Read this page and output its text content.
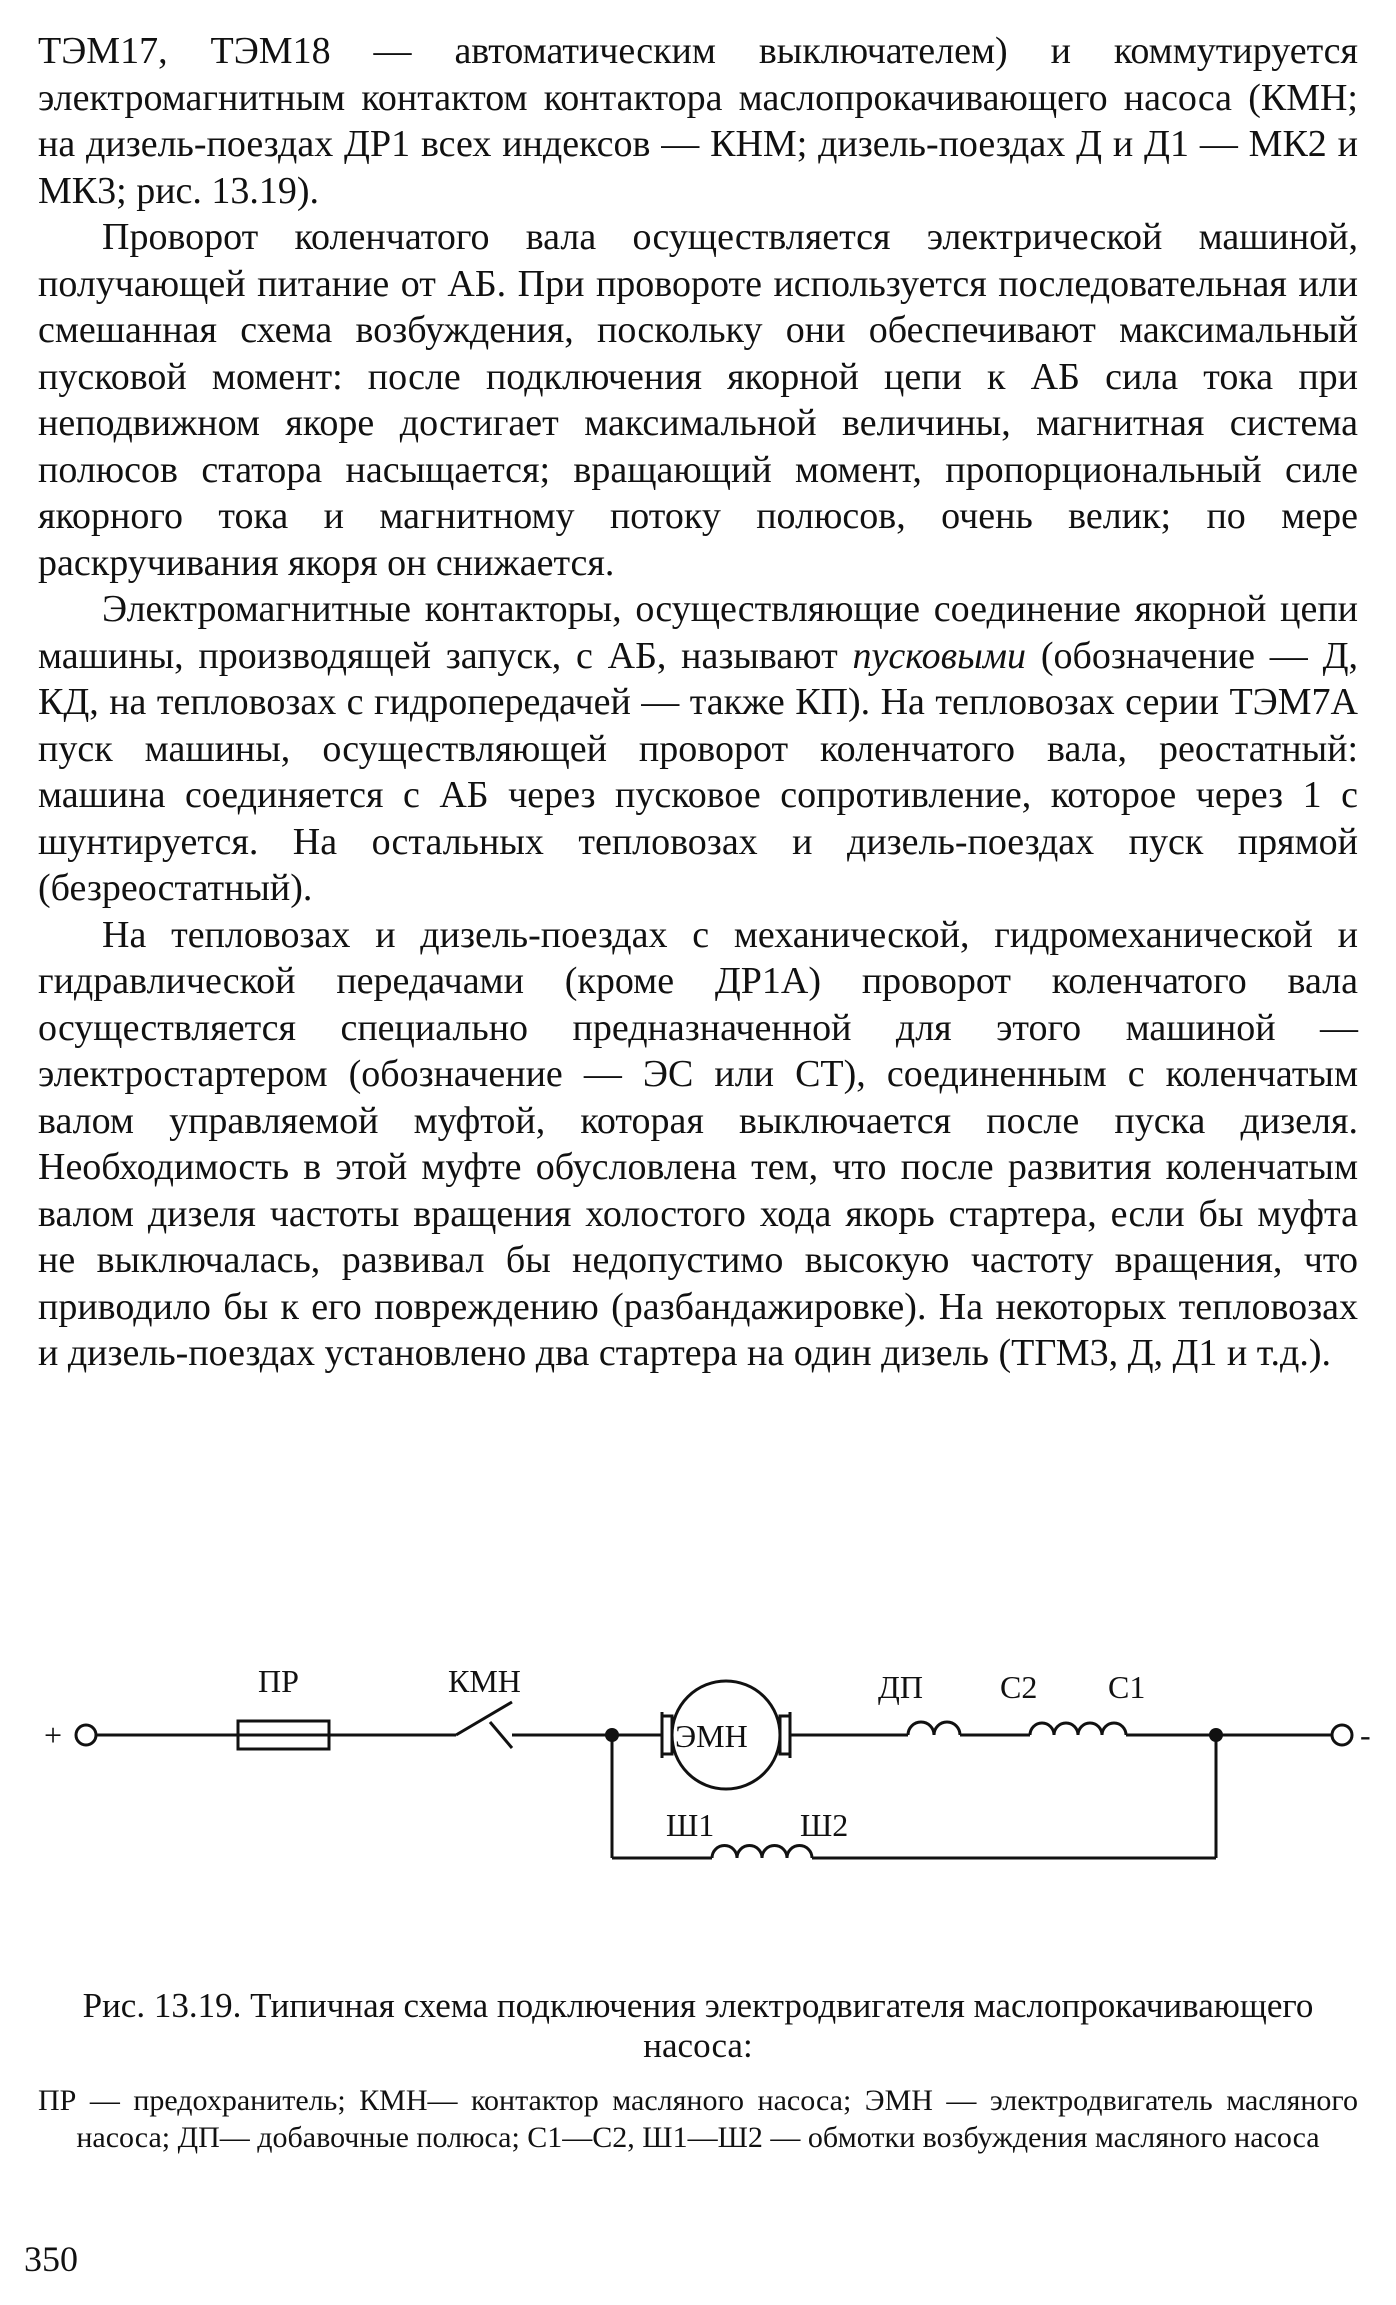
ТЭМ17, ТЭМ18 — автоматическим выключателем) и коммутируется электромагнитным контактом контактора маслопрокачивающего насоса (КМН; на дизель-поездах ДР1 всех индексов — КНМ; дизель-поездах Д и Д1 — МК2 и МК3; рис. 13.19).

Проворот коленчатого вала осуществляется электрической машиной, получающей питание от АБ. При провороте используется последовательная или смешанная схема возбуждения, поскольку они обеспечивают максимальный пусковой момент: после подключения якорной цепи к АБ сила тока при неподвижном якоре достигает максимальной величины, магнитная система полюсов статора насыщается; вращающий момент, пропорциональный силе якорного тока и магнитному потоку полюсов, очень велик; по мере раскручивания якоря он снижается.

Электромагнитные контакторы, осуществляющие соединение якорной цепи машины, производящей запуск, с АБ, называют пусковыми (обозначение — Д, КД, на тепловозах с гидропередачей — также КП). На тепловозах серии ТЭМ7А пуск машины, осуществляющей проворот коленчатого вала, реостатный: машина соединяется с АБ через пусковое сопротивление, которое через 1 с шунтируется. На остальных тепловозах и дизель-поездах пуск прямой (безреостатный).

На тепловозах и дизель-поездах с механической, гидромеханической и гидравлической передачами (кроме ДР1А) проворот коленчатого вала осуществляется специально предназначенной для этого машиной — электростартером (обозначение — ЭС или СТ), соединенным с коленчатым валом управляемой муфтой, которая выключается после пуска дизеля. Необходимость в этой муфте обусловлена тем, что после развития коленчатым валом дизеля частоты вращения холостого хода якорь стартера, если бы муфта не выключалась, развивал бы недопустимо высокую частоту вращения, что приводило бы к его повреждению (разбандажировке). На некоторых тепловозах и дизель-поездах установлено два стартера на один дизель (ТГМ3, Д, Д1 и т.д.).

+	-
ПР	КМН
ЭМН
ДП С2 С1
Ш1	Ш2
Рис. 13.19. Типичная схема подключения электродвигателя маслопрокачивающего насоса:
ПР — предохранитель; КМН— контактор масляного насоса; ЭМН — электродвигатель масляного насоса; ДП— добавочные полюса; С1—С2, Ш1—Ш2 — обмотки возбуждения масляного насоса
350
